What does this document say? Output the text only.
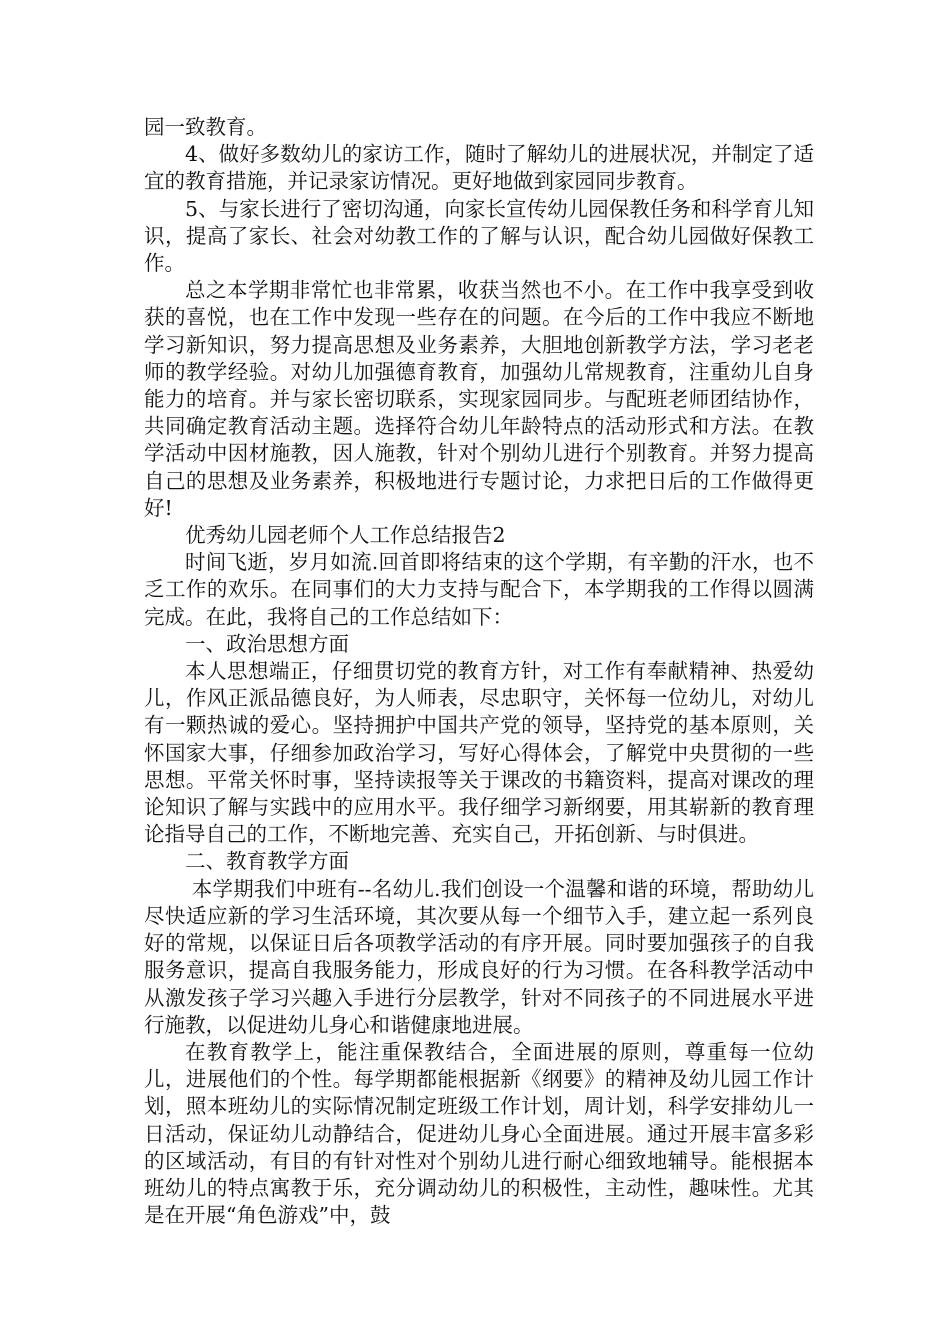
园一致教育。

4、做好多数幼儿的家访工作，随时了解幼儿的进展状况，并制定了适宜的教育措施，并记录家访情况。更好地做到家园同步教育。

5、与家长进行了密切沟通，向家长宣传幼儿园保教任务和科学育儿知识，提高了家长、社会对幼教工作的了解与认识，配合幼儿园做好保教工作。

总之本学期非常忙也非常累，收获当然也不小。在工作中我享受到收获的喜悦，也在工作中发现一些存在的问题。在今后的工作中我应不断地学习新知识，努力提高思想及业务素养，大胆地创新教学方法，学习老老师的教学经验。对幼儿加强德育教育，加强幼儿常规教育，注重幼儿自身能力的培育。并与家长密切联系，实现家园同步。与配班老师团结协作，共同确定教育活动主题。选择符合幼儿年龄特点的活动形式和方法。在教学活动中因材施教，因人施教，针对个别幼儿进行个别教育。并努力提高自己的思想及业务素养，积极地进行专题讨论，力求把日后的工作做得更好!

优秀幼儿园老师个人工作总结报告2

时间飞逝，岁月如流.回首即将结束的这个学期，有辛勤的汗水，也不乏工作的欢乐。在同事们的大力支持与配合下，本学期我的工作得以圆满完成。在此，我将自己的工作总结如下：

一、政治思想方面

本人思想端正，仔细贯切党的教育方针，对工作有奉献精神、热爱幼儿，作风正派品德良好，为人师表，尽忠职守，关怀每一位幼儿，对幼儿有一颗热诚的爱心。坚持拥护中国共产党的领导，坚持党的基本原则，关怀国家大事，仔细参加政治学习，写好心得体会，了解党中央贯彻的一些思想。平常关怀时事，坚持读报等关于课改的书籍资料，提高对课改的理论知识了解与实践中的应用水平。我仔细学习新纲要，用其崭新的教育理论指导自己的工作，不断地完善、充实自己，开拓创新、与时俱进。

二、教育教学方面

本学期我们中班有--名幼儿.我们创设一个温馨和谐的环境，帮助幼儿尽快适应新的学习生活环境，其次要从每一个细节入手，建立起一系列良好的常规，以保证日后各项教学活动的有序开展。同时要加强孩子的自我服务意识，提高自我服务能力，形成良好的行为习惯。在各科教学活动中从激发孩子学习兴趣入手进行分层教学，针对不同孩子的不同进展水平进行施教，以促进幼儿身心和谐健康地进展。

在教育教学上，能注重保教结合，全面进展的原则，尊重每一位幼儿，进展他们的个性。每学期都能根据新《纲要》的精神及幼儿园工作计划，照本班幼儿的实际情况制定班级工作计划，周计划，科学安排幼儿一日活动，保证幼儿动静结合，促进幼儿身心全面进展。通过开展丰富多彩的区域活动，有目的有针对性对个别幼儿进行耐心细致地辅导。能根据本班幼儿的特点寓教于乐，充分调动幼儿的积极性，主动性，趣味性。尤其是在开展“角色游戏”中，鼓
